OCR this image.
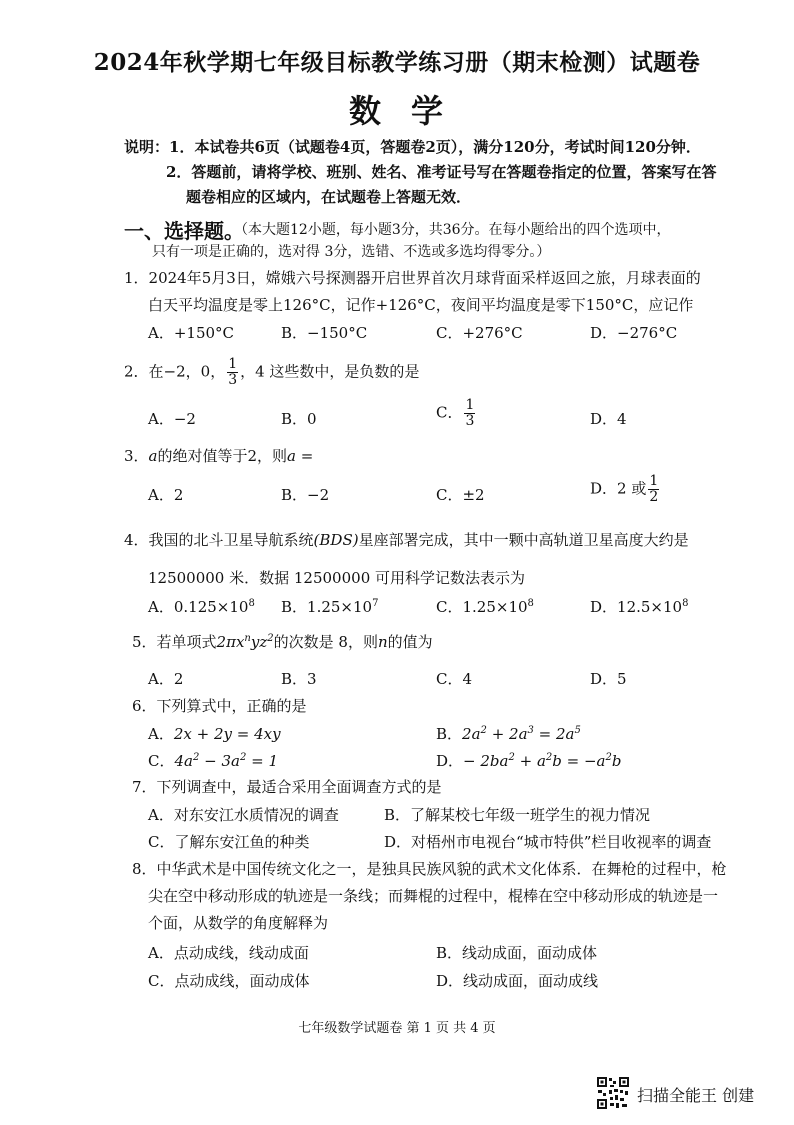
2024年秋学期七年级目标教学练习册（期末检测）试题卷
数学
说明：1．本试卷共6页（试题卷4页，答题卷2页），满分120分，考试时间120分钟．
2．答题前，请将学校、班别、姓名、准考证号写在答题卷指定的位置，答案写在答
题卷相应的区域内，在试题卷上答题无效．
一、选择题。
（本大题12小题，每小题3分，共36分。在每小题给出的四个选项中，
只有一项是正确的，选对得 3分，选错、不选或多选均得零分。）
1．2024年5月3日，嫦娥六号探测器开启世界首次月球背面采样返回之旅，月球表面的
白天平均温度是零上126°C，记作+126°C，夜间平均温度是零下150°C，应记作
A．+150°C	B．−150°C	C．+276°C	D．−276°C
2．在−2，0， $\frac{1}{3}$ ，4 这些数中，是负数的是
A．−2	B．0	C． $\frac{1}{3}$	D．4
3．a的绝对值等于2，则a =
A．2	B．−2	C．±2	D．2 或 $\frac{1}{2}$
4．我国的北斗卫星导航系统(BDS)星座部署完成，其中一颗中高轨道卫星高度大约是
12500000 米．数据 12500000 可用科学记数法表示为
A．$0.125\times 10^8$ B．$1.25\times 10^7$	C．$1.25\times 10^8$	D．$12.5\times 10^8$
5．若单项式$2\pi x^nyz^2$的次数是 8，则n的值为
A．2	B．3	C．4	D．5
6．下列算式中，正确的是
A．2x + 2y = 4xy	B．$2a^2 + 2a^3 = 2a^5$
C．$4a^2 - 3a^2 = 1$	D．− $2ba^2 + a^2b = -a^2b$
7．下列调查中，最适合采用全面调查方式的是
A．对东安江水质情况的调查	B．了解某校七年级一班学生的视力情况
C．了解东安江鱼的种类	D．对梧州市电视台“城市特供”栏目收视率的调查
8．中华武术是中国传统文化之一，是独具民族风貌的武术文化体系．在舞枪的过程中，枪
尖在空中移动形成的轨迹是一条线；而舞棍的过程中，棍棒在空中移动形成的轨迹是一
个面，从数学的角度解释为
A．点动成线，线动成面	B．线动成面，面动成体
C．点动成线，面动成体	D．线动成面，面动成线
七年级数学试题卷 第 1 页 共 4 页
扫描全能王 创建
